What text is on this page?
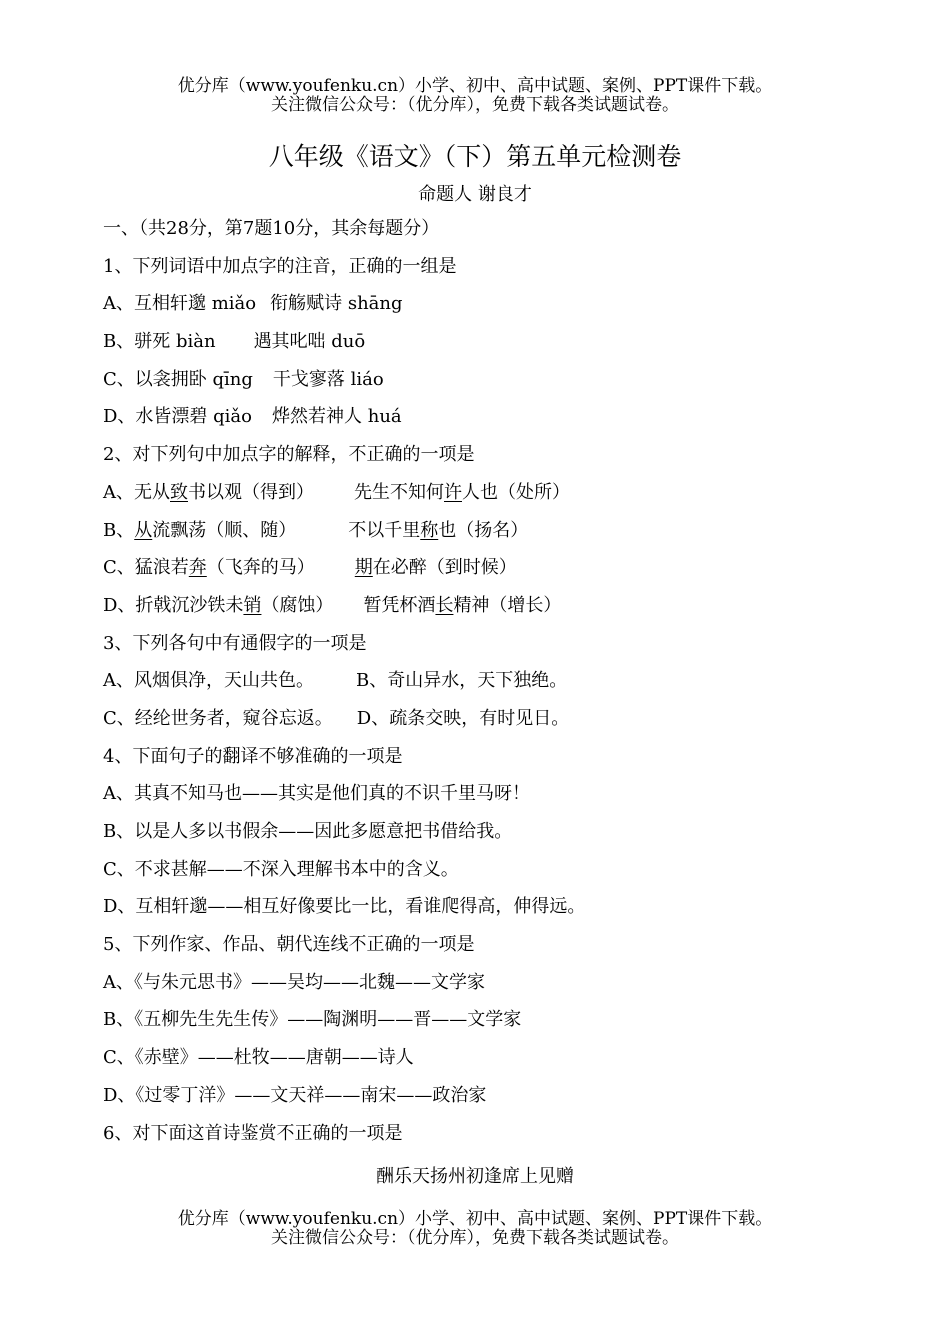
优分库（www.youfenku.cn）小学、初中、高中试题、案例、PPT课件下载。
关注微信公众号：（优分库），免费下载各类试题试卷。
八年级《语文》（下）第五单元检测卷
命题人 谢良才
一、（共28分，第7题10分，其余每题分）
1、下列词语中加点字的注音，正确的一组是
A、互相轩邈 miǎo 衔觞赋诗 shāng
B、骈死 biàn 遇其叱咄 duō
C、以衾拥卧 qīng 干戈寥落 liáo
D、水皆漂碧 qiǎo 烨然若神人 huá
2、对下列句中加点字的解释，不正确的一项是
A、无从致书以观（得到） 先生不知何许人也（处所）
B、从流飘荡（顺、随）	不以千里称也（扬名）
C、猛浪若奔（飞奔的马） 期在必醉（到时候）
D、折戟沉沙铁未销（腐蚀） 暂凭杯酒长精神（增长）
3、下列各句中有通假字的一项是
A、风烟俱净，天山共色。 B、奇山异水，天下独绝。
C、经纶世务者，窥谷忘返。 D、疏条交映，有时见日。
4、下面句子的翻译不够准确的一项是
A、其真不知马也——其实是他们真的不识千里马呀！
B、以是人多以书假余——因此多愿意把书借给我。
C、不求甚解——不深入理解书本中的含义。
D、互相轩邈——相互好像要比一比，看谁爬得高，伸得远。
5、下列作家、作品、朝代连线不正确的一项是
A、《与朱元思书》——吴均——北魏——文学家
B、《五柳先生先生传》——陶渊明——晋——文学家
C、《赤壁》——杜牧——唐朝——诗人
D、《过零丁洋》——文天祥——南宋——政治家
6、对下面这首诗鉴赏不正确的一项是
酬乐天扬州初逢席上见赠
优分库（www.youfenku.cn）小学、初中、高中试题、案例、PPT课件下载。
关注微信公众号：（优分库），免费下载各类试题试卷。
